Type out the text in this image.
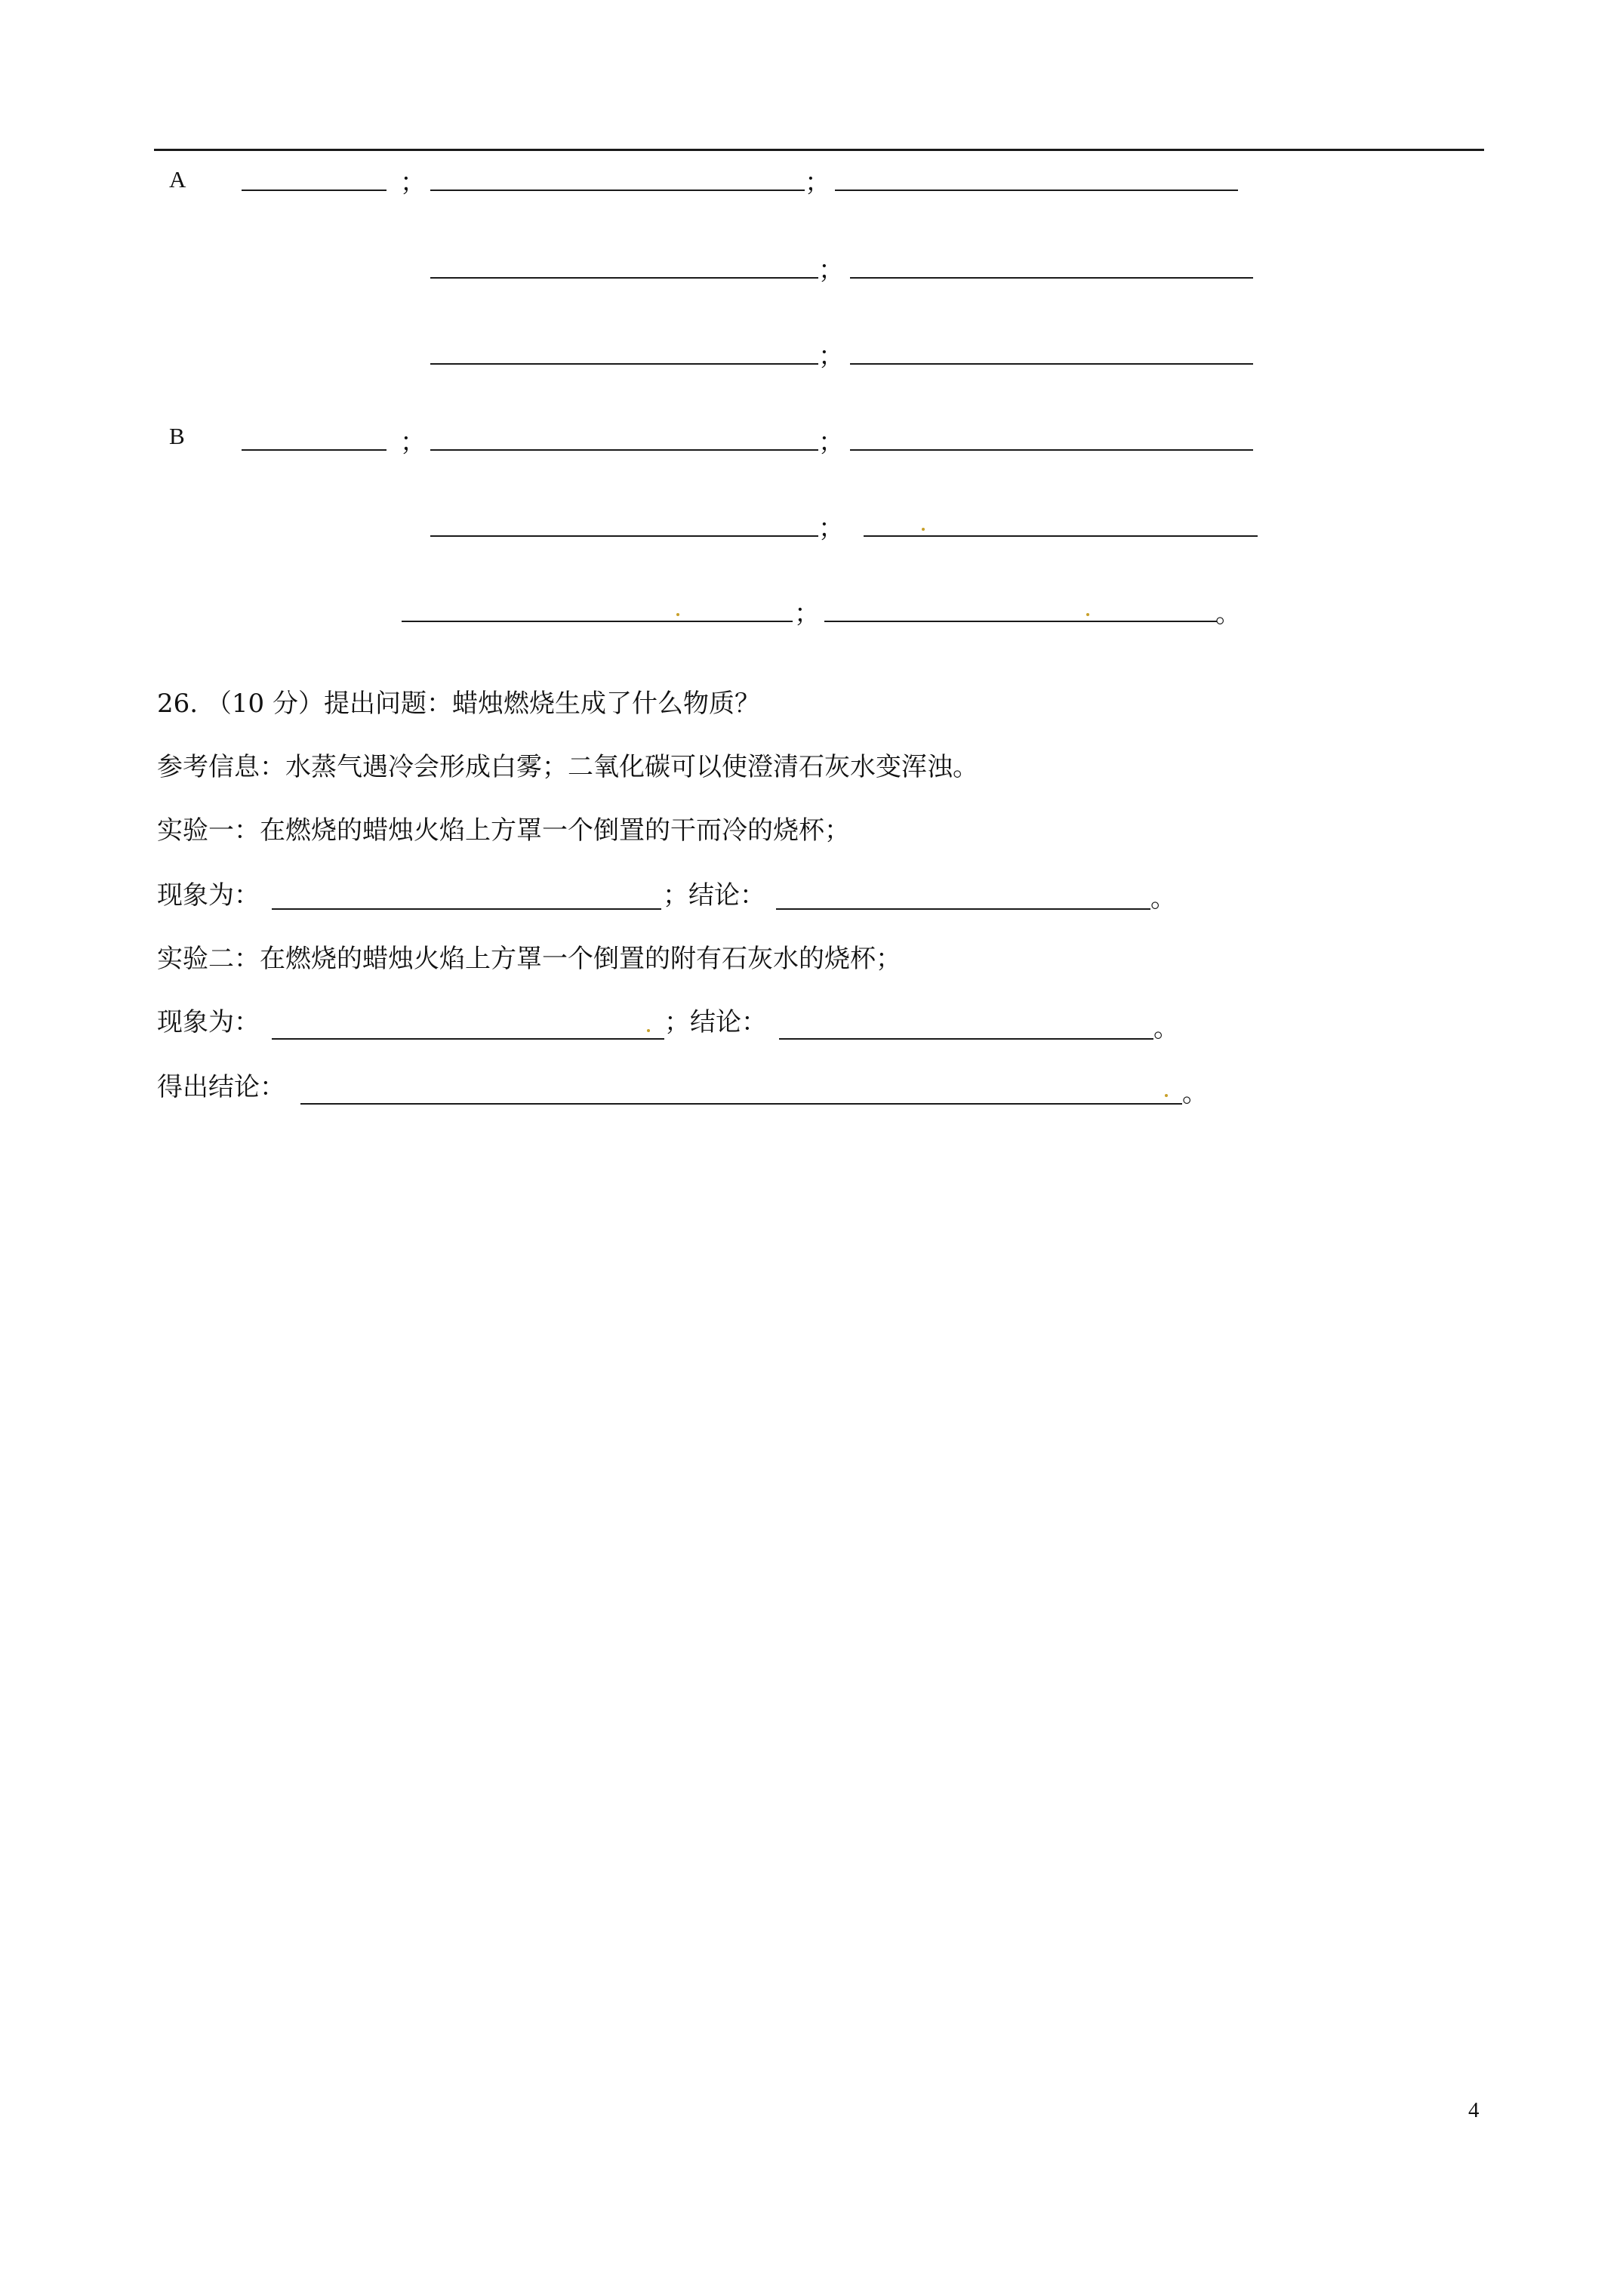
A	；	；
；
；
B	；	；
；
；	。
26. （10 分）提出问题：蜡烛燃烧生成了什么物质？
参考信息：水蒸气遇冷会形成白雾；二氧化碳可以使澄清石灰水变浑浊。
实验一：在燃烧的蜡烛火焰上方罩一个倒置的干而冷的烧杯；
现象为：	；结论：	。
实验二：在燃烧的蜡烛火焰上方罩一个倒置的附有石灰水的烧杯；
现象为：	；结论：	。
得出结论：	。
4
